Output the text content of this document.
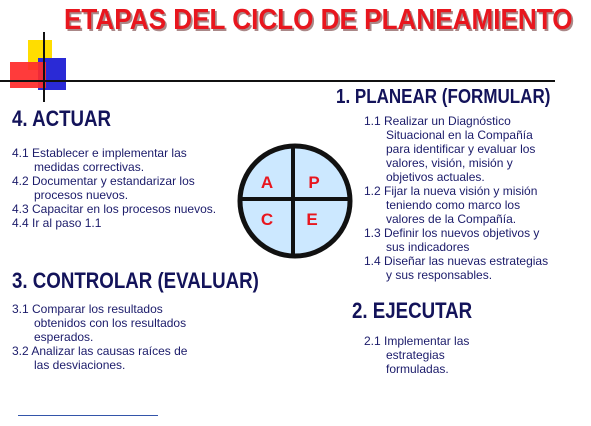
ETAPAS DEL CICLO DE PLANEAMIENTO
4. ACTUAR
4.1 Establecer e implementar las
medidas correctivas.
4.2 Documentar y estandarizar los
procesos nuevos.
4.3 Capacitar en los procesos nuevos.
4.4 Ir al paso 1.1
1. PLANEAR (FORMULAR)
1.1 Realizar un Diagnóstico
Situacional en la Compañía
para identificar y evaluar los
valores, visión, misión y
objetivos actuales.
1.2 Fijar la nueva visión y misión
teniendo como marco los
valores de la Compañía.
1.3 Definir los nuevos objetivos y
sus indicadores
1.4 Diseñar las nuevas estrategias
y sus responsables.
A P
C E
3. CONTROLAR (EVALUAR)
3.1 Comparar los resultados
obtenidos con los resultados
esperados.
3.2 Analizar las causas raíces de
las desviaciones.
2. EJECUTAR
2.1 Implementar las
estrategias
formuladas.
